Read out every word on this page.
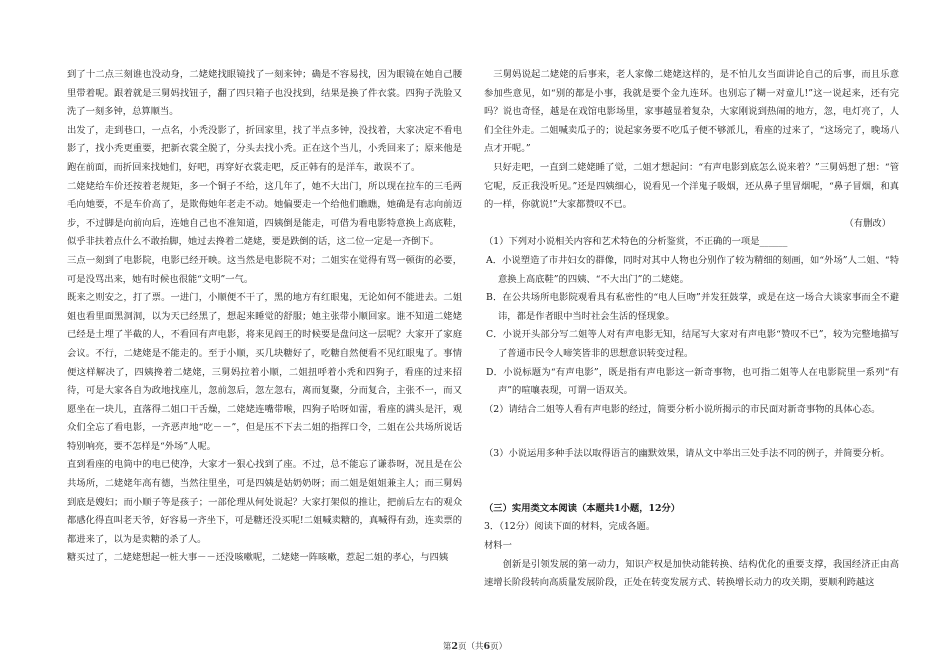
到了十二点三刻谁也没动身，二姥姥找眼镜找了一刻来钟；确是不容易找，因为眼镜在她自己腰里带着呢。跟着就是三舅妈找钮子，翻了四只箱子也没找到，结果是换了件衣裳。四狗子洗脸又洗了一刻多钟，总算顺当。

出发了，走到巷口，一点名，小秃没影了，折回家里，找了半点多钟，没找着，大家决定不看电影了，找小秃更重要，把新衣裳全脱了，分头去找小秃。正在这个当儿，小秃回来了；原来他是跑在前面，而折回来找她们，好吧，再穿好衣裳走吧，反正韩有的是洋车，敢误不了。

二姥姥给车价还按着老规矩，多一个铜子不给，这几年了，她不大出门，所以现在拉车的三毛两毛向她要，不是车价高了，是欺侮她年老走不动。她偏要走一个给他们瞧瞧，她确是有志向前迈步，不过脚是向前向后，连她自己也不准知道，四姨倒是能走，可借为看电影特意换上高底鞋，似乎非扶着点什么不敢抬脚，她过去搀着二姥姥，要是跌倒的话，这二位一定是一齐倒下。

三点一刻到了电影院，电影已经开映。这当然是电影院不对；二姐实在觉得有骂一顿街的必要，可是没骂出来，她有时候也很能“文明”一气。

既来之则安之，打了票。一进门，小顺便不干了，黑的地方有红眼鬼，无论如何不能进去。二姐姐也看里面黑洞洞，以为天已经黑了，想起来睡觉的舒服；她主张带小顺回家。谁不知道二姥姥已经是土埋了半截的人，不看回有声电影，将来见阎王的时候要是盘问这一层呢？大家开了家庭会议。不行，二姥姥是不能走的。至于小顺，买几块糖好了，吃糖自然便看不见红眼鬼了。事情便这样解决了，四姨搀着二姥姥，三舅妈拉着小顺，二姐扭呼着小秃和四狗子，看座的过来招待，可是大家各自为政地找座儿，忽前忽后，忽左忽右，离而复聚，分而复合，主张不一，而又愿坐在一块儿，直落得二姐口干舌燥，二姥姥连嘴带喉，四狗子哈呀如雷，看座的满头是汗，观众们全忘了看电影，一齐恶声地“吃－－”，但是压不下去二姐的指挥口令，二姐在公共场所说话特别响亮，要不怎样是“外场”人呢。

直到看座的电筒中的电已使净，大家才一狠心找到了座。不过，总不能忘了谦恭呀，况且是在公共场所，二姥姥年高有德，当然往里坐，可是四姨是姑奶奶呀；而二姐是姐姐兼主人；而三舅妈到底是嫂妇；而小顺子等是孩子；一部伦理从何处说起？大家打架似的推让，把前后左右的观众都感化得直叫老天爷，好容易一齐坐下，可是糖还没买呢!二姐喊卖糖的，真喊得有劲，连卖票的都进来了，以为是卖糖的杀了人。

糖买过了，二姥姥想起一桩大事－－还没咳嗽呢，二姥姥一阵咳嗽，惹起二姐的孝心，与四姨

三舅妈说起二姥姥的后事来，老人家像二姥姥这样的，是不怕儿女当面讲论自己的后事，而且乐意参加些意见，如“别的都是小事，我就是要个金九连环。也别忘了糊一对童儿!”这一说起来，还有完吗？说也奇怪，越是在戏馆电影场里，家事越显着复杂，大家刚说到热闹的地方，忽，电灯亮了，人们全往外走。二姐喊卖瓜子的；说起家务要不吃瓜子便不够派儿，看座的过来了，“这场完了，晚场八点才开呢。”

只好走吧，一直到二姥姥睡了觉，二姐才想起问：“有声电影到底怎么说来着？”三舅妈想了想：“管它呢，反正我没听见。”还是四姨细心，说看见一个洋鬼子吸烟，还从鼻子里冒烟呢，“鼻子冒烟，和真的一样，你就说!”大家都赞叹不已。

（有删改）

（1）下列对小说相关内容和艺术特色的分析鉴赏，不正确的一项是______

A．小说塑造了市井妇女的群像，同时对其中人物也分别作了较为精细的刻画，如“外场”人二姐、“特意换上高底鞋”的四姨、“不大出门”的二姥姥。

B．在公共场所电影院观看具有私密性的“电人巨吻”并发狂鼓掌，或是在这一场合大谈家事而全不避讳，都是作者眼中当时社会生活的怪现象。

C．小说开头部分写二姐等人对有声电影无知，结尾写大家对有声电影“赞叹不已”，较为完整地描写了普通市民令人啼笑皆非的思想意识转变过程。

D．小说标题为“有声电影”，既是指有声电影这一新奇事物，也可指二姐等人在电影院里一系列“有声”的喧嚷表现，可谓一语双关。

（2）请结合二姐等人看有声电影的经过，简要分析小说所揭示的市民面对新奇事物的具体心态。

（3）小说运用多种手法以取得语言的幽默效果，请从文中举出三处手法不同的例子，并简要分析。

（三）实用类文本阅读（本题共1小题，12分）

3．（12分）阅读下面的材料，完成各题。

材料一

创新是引领发展的第一动力，知识产权是加快动能转换、结构优化的重要支撑，我国经济正由高速增长阶段转向高质量发展阶段，正处在转变发展方式、转换增长动力的攻关期，要顺利跨越这

第2页（共6页）
